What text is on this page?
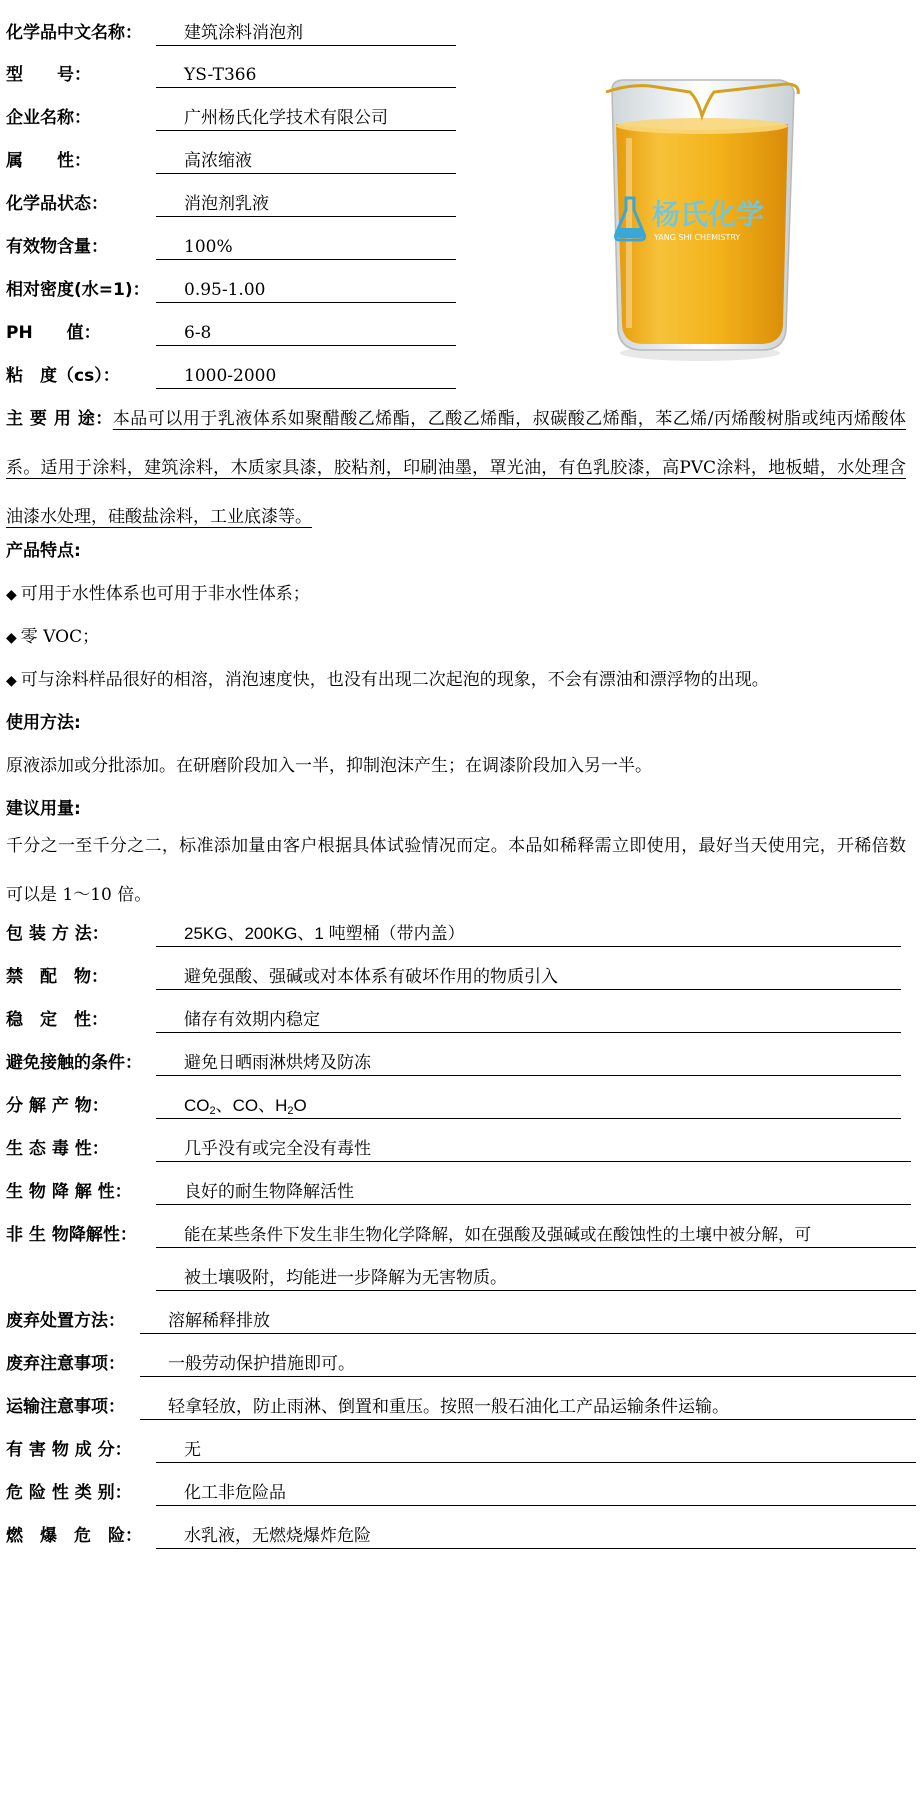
化学品中文名称：	建筑涂料消泡剂
型　　号：	YS-T366
企业名称：	广州杨氏化学技术有限公司
属　　性：	高浓缩液
化学品状态：	消泡剂乳液
有效物含量：	100%
相对密度(水=1)：	0.95-1.00
PH　　值：	6-8
粘　度（cs）：	1000-2000
杨氏化学
YANG SHI CHEMISTRY
主 要 用 途：本品可以用于乳液体系如聚醋酸乙烯酯，乙酸乙烯酯，叔碳酸乙烯酯，苯乙烯/丙烯酸树脂或纯丙烯酸体系。适用于涂料，建筑涂料，木质家具漆，胶粘剂，印刷油墨，罩光油，有色乳胶漆，高PVC涂料，地板蜡，水处理含油漆水处理，硅酸盐涂料，工业底漆等。
产品特点:
◆ 可用于水性体系也可用于非水性体系；
◆ 零 VOC；
◆ 可与涂料样品很好的相溶，消泡速度快，也没有出现二次起泡的现象，不会有漂油和漂浮物的出现。
使用方法:
原液添加或分批添加。在研磨阶段加入一半，抑制泡沫产生；在调漆阶段加入另一半。
建议用量:
千分之一至千分之二，标准添加量由客户根据具体试验情况而定。本品如稀释需立即使用，最好当天使用完，开稀倍数可以是 1～10 倍。
包 装 方 法：	25KG、200KG、1 吨塑桶（带内盖）
禁　配　物：	避免强酸、强碱或对本体系有破坏作用的物质引入
稳　定　性：	储存有效期内稳定
避免接触的条件：	避免日晒雨淋烘烤及防冻
分 解 产 物：	$CO_2$、CO、$H_2O$
生 态 毒 性：	几乎没有或完全没有毒性
生 物 降 解 性：	良好的耐生物降解活性
非 生 物降解性：	能在某些条件下发生非生物化学降解，如在强酸及强碱或在酸蚀性的土壤中被分解，可
被土壤吸附，均能进一步降解为无害物质。
废弃处置方法：	溶解稀释排放
废弃注意事项：	一般劳动保护措施即可。
运输注意事项：	轻拿轻放，防止雨淋、倒置和重压。按照一般石油化工产品运输条件运输。
有 害 物 成 分：	无
危 险 性 类 别：	化工非危险品
燃　爆　危　险：	水乳液，无燃烧爆炸危险
